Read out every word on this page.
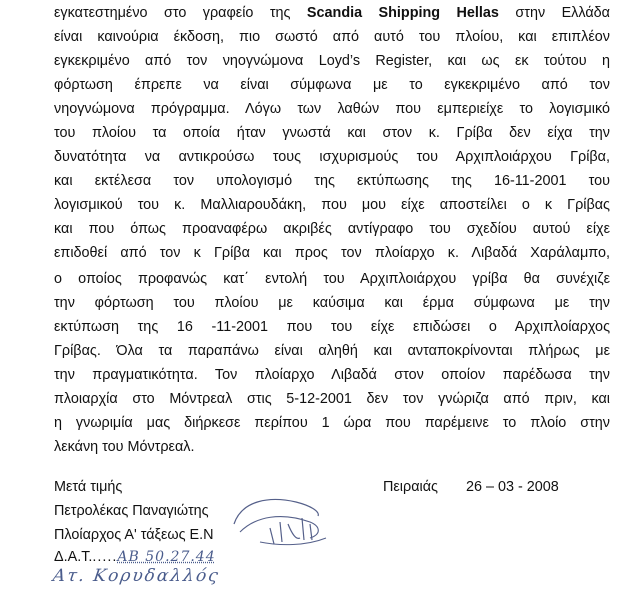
εγκατεστημένο στο γραφείο της Scandia Shipping Hellas στην Ελλάδα
είναι καινούρια έκδοση, πιο σωστό από αυτό του πλοίου, και επιπλέον
εγκεκριμένο από τον νηογνώμονα Loyd’s Register, και ως εκ τούτου η
φόρτωση έπρεπε να είναι σύμφωνα με το εγκεκριμένο από τον
νηογνώμονα πρόγραμμα. Λόγω των λαθών που εμπεριείχε το λογισμικό
του πλοίου τα οποία ήταν γνωστά και στον κ. Γρίβα δεν είχα την
δυνατότητα να αντικρούσω τους ισχυρισμούς του Αρχιπλοιάρχου Γρίβα,
και εκτέλεσα τον υπολογισμό της εκτύπωσης της 16-11-2001 του
λογισμικού του κ. Μαλλιαρουδάκη, που μου είχε αποστείλει ο κ Γρίβας
και που όπως προαναφέρω ακριβές αντίγραφο του σχεδίου αυτού είχε
επιδοθεί από τον κ Γρίβα και προς τον πλοίαρχο κ. Λιβαδά Χαράλαμπο,
ο οποίος προφανώς κατ΄ εντολή του Αρχιπλοιάρχου γρίβα θα συνέχιζε
την φόρτωση του πλοίου με καύσιμα και έρμα σύμφωνα με την
εκτύπωση της 16 -11-2001 που του είχε επιδώσει ο Αρχιπλοίαρχος
Γρίβας. Όλα τα παραπάνω είναι αληθή και ανταποκρίνονται πλήρως με
την πραγματικότητα. Τον πλοίαρχο Λιβαδά στον οποίον παρέδωσα την
πλοιαρχία στο Μόντρεαλ στις 5-12-2001 δεν τον γνώριζα από πριν, και
η γνωριμία μας διήρκεσε περίπου 1 ώρα που παρέμεινε το πλοίο στην
λεκάνη του Μόντρεαλ.
Μετά τιμής	Πειραιάς 26 – 03 - 2008
Πετρολέκας Παναγιώτης
Πλοίαρχος Α' τάξεως Ε.Ν
Δ.Α.Τ......ΑΒ 50.27.44
Ατ. Κορυδαλλός
